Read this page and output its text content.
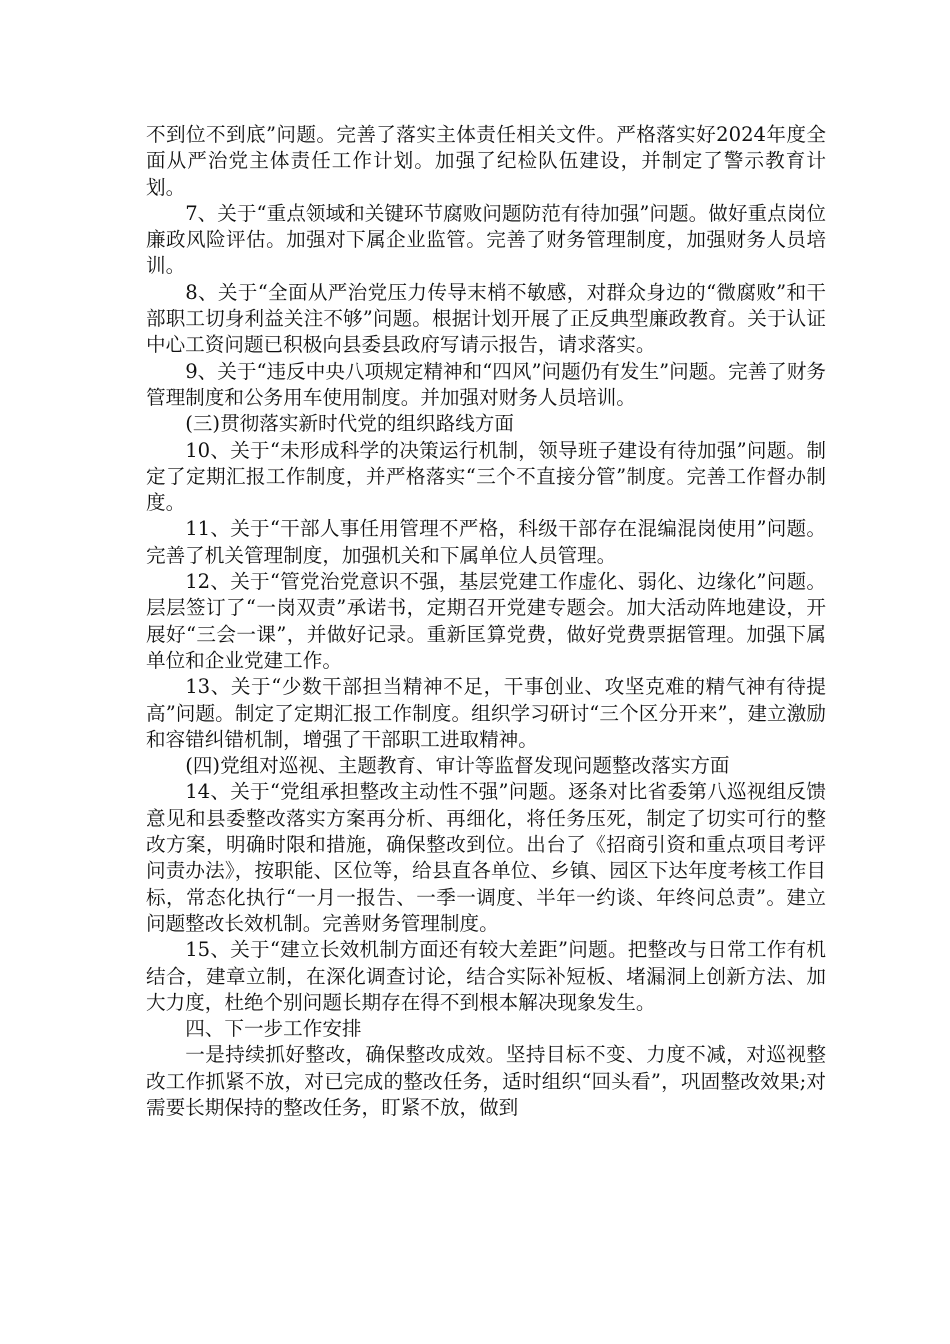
不到位不到底”问题。完善了落实主体责任相关文件。严格落实好2024年度全面从严治党主体责任工作计划。加强了纪检队伍建设，并制定了警示教育计划。

7、关于“重点领域和关键环节腐败问题防范有待加强”问题。做好重点岗位廉政风险评估。加强对下属企业监管。完善了财务管理制度，加强财务人员培训。

8、关于“全面从严治党压力传导末梢不敏感，对群众身边的“微腐败”和干部职工切身利益关注不够”问题。根据计划开展了正反典型廉政教育。关于认证中心工资问题已积极向县委县政府写请示报告，请求落实。

9、关于“违反中央八项规定精神和“四风”问题仍有发生”问题。完善了财务管理制度和公务用车使用制度。并加强对财务人员培训。

(三)贯彻落实新时代党的组织路线方面

10、关于“未形成科学的决策运行机制，领导班子建设有待加强”问题。制定了定期汇报工作制度，并严格落实“三个不直接分管”制度。完善工作督办制度。

11、关于“干部人事任用管理不严格，科级干部存在混编混岗使用”问题。完善了机关管理制度，加强机关和下属单位人员管理。

12、关于“管党治党意识不强，基层党建工作虚化、弱化、边缘化”问题。层层签订了“一岗双责”承诺书，定期召开党建专题会。加大活动阵地建设，开展好“三会一课”，并做好记录。重新匡算党费，做好党费票据管理。加强下属单位和企业党建工作。

13、关于“少数干部担当精神不足，干事创业、攻坚克难的精气神有待提高”问题。制定了定期汇报工作制度。组织学习研讨“三个区分开来”，建立激励和容错纠错机制，增强了干部职工进取精神。

(四)党组对巡视、主题教育、审计等监督发现问题整改落实方面

14、关于“党组承担整改主动性不强”问题。逐条对比省委第八巡视组反馈意见和县委整改落实方案再分析、再细化，将任务压死，制定了切实可行的整改方案，明确时限和措施，确保整改到位。出台了《招商引资和重点项目考评问责办法》，按职能、区位等，给县直各单位、乡镇、园区下达年度考核工作目标，常态化执行“一月一报告、一季一调度、半年一约谈、年终问总责”。建立问题整改长效机制。完善财务管理制度。

15、关于“建立长效机制方面还有较大差距”问题。把整改与日常工作有机结合，建章立制，在深化调查讨论，结合实际补短板、堵漏洞上创新方法、加大力度，杜绝个别问题长期存在得不到根本解决现象发生。

四、下一步工作安排

一是持续抓好整改，确保整改成效。坚持目标不变、力度不减，对巡视整改工作抓紧不放，对已完成的整改任务，适时组织“回头看”，巩固整改效果;对需要长期保持的整改任务，盯紧不放，做到
